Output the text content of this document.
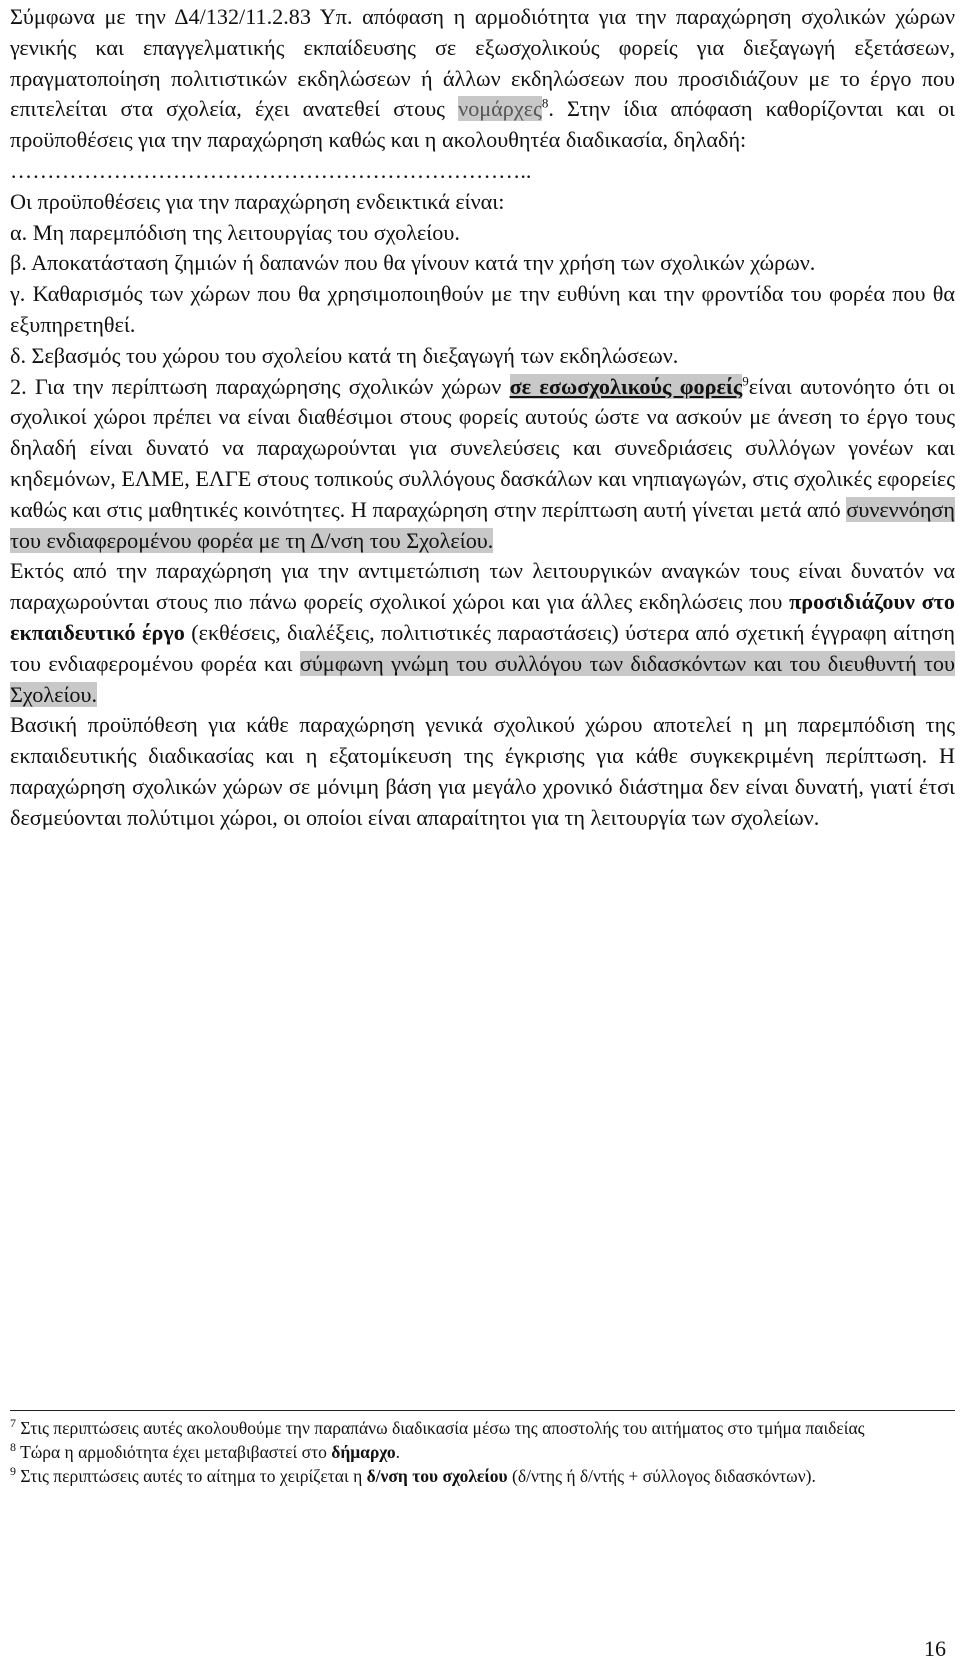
Σύμφωνα με την Δ4/132/11.2.83 Υπ. απόφαση η αρμοδιότητα για την παραχώρηση σχολικών χώρων γενικής και επαγγελματικής εκπαίδευσης σε εξωσχολικούς φορείς για διεξαγωγή εξετάσεων, πραγματοποίηση πολιτιστικών εκδηλώσεων ή άλλων εκδηλώσεων που προσιδιάζουν με το έργο που επιτελείται στα σχολεία, έχει ανατεθεί στους νομάρχες$^8$. Στην ίδια απόφαση καθορίζονται και οι προϋποθέσεις για την παραχώρηση καθώς και η ακολουθητέα διαδικασία, δηλαδή:

……………………………………………………………..

Οι προϋποθέσεις για την παραχώρηση ενδεικτικά είναι:

α. Μη παρεμπόδιση της λειτουργίας του σχολείου.

β. Αποκατάσταση ζημιών ή δαπανών που θα γίνουν κατά την χρήση των σχολικών χώρων.

γ. Καθαρισμός των χώρων που θα χρησιμοποιηθούν με την ευθύνη και την φροντίδα του φορέα που θα εξυπηρετηθεί.

δ. Σεβασμός του χώρου του σχολείου κατά τη διεξαγωγή των εκδηλώσεων.

2. Για την περίπτωση παραχώρησης σχολικών χώρων σε εσωσχολικούς φορείς$^9$είναι αυτονόητο ότι οι σχολικοί χώροι πρέπει να είναι διαθέσιμοι στους φορείς αυτούς ώστε να ασκούν με άνεση το έργο τους δηλαδή είναι δυνατό να παραχωρούνται για συνελεύσεις και συνεδριάσεις συλλόγων γονέων και κηδεμόνων, ΕΛΜΕ, ΕΛΓΕ στους τοπικούς συλλόγους δασκάλων και νηπιαγωγών, στις σχολικές εφορείες καθώς και στις μαθητικές κοινότητες. Η παραχώρηση στην περίπτωση αυτή γίνεται μετά από συνεννόηση του ενδιαφερομένου φορέα με τη Δ/νση του Σχολείου.

Εκτός από την παραχώρηση για την αντιμετώπιση των λειτουργικών αναγκών τους είναι δυνατόν να παραχωρούνται στους πιο πάνω φορείς σχολικοί χώροι και για άλλες εκδηλώσεις που προσιδιάζουν στο εκπαιδευτικό έργο (εκθέσεις, διαλέξεις, πολιτιστικές παραστάσεις) ύστερα από σχετική έγγραφη αίτηση του ενδιαφερομένου φορέα και σύμφωνη γνώμη του συλλόγου των διδασκόντων και του διευθυντή του Σχολείου.

Βασική προϋπόθεση για κάθε παραχώρηση γενικά σχολικού χώρου αποτελεί η μη παρεμπόδιση της εκπαιδευτικής διαδικασίας και η εξατομίκευση της έγκρισης για κάθε συγκεκριμένη περίπτωση. Η παραχώρηση σχολικών χώρων σε μόνιμη βάση για μεγάλο χρονικό διάστημα δεν είναι δυνατή, γιατί έτσι δεσμεύονται πολύτιμοι χώροι, οι οποίοι είναι απαραίτητοι για τη λειτουργία των σχολείων.

$^7$ Στις περιπτώσεις αυτές ακολουθούμε την παραπάνω διαδικασία μέσω της αποστολής του αιτήματος στο τμήμα παιδείας

$^8$ Τώρα η αρμοδιότητα έχει μεταβιβαστεί στο δήμαρχο.

$^9$ Στις περιπτώσεις αυτές το αίτημα το χειρίζεται η δ/νση του σχολείου (δ/ντης ή δ/ντής + σύλλογος διδασκόντων).

16
